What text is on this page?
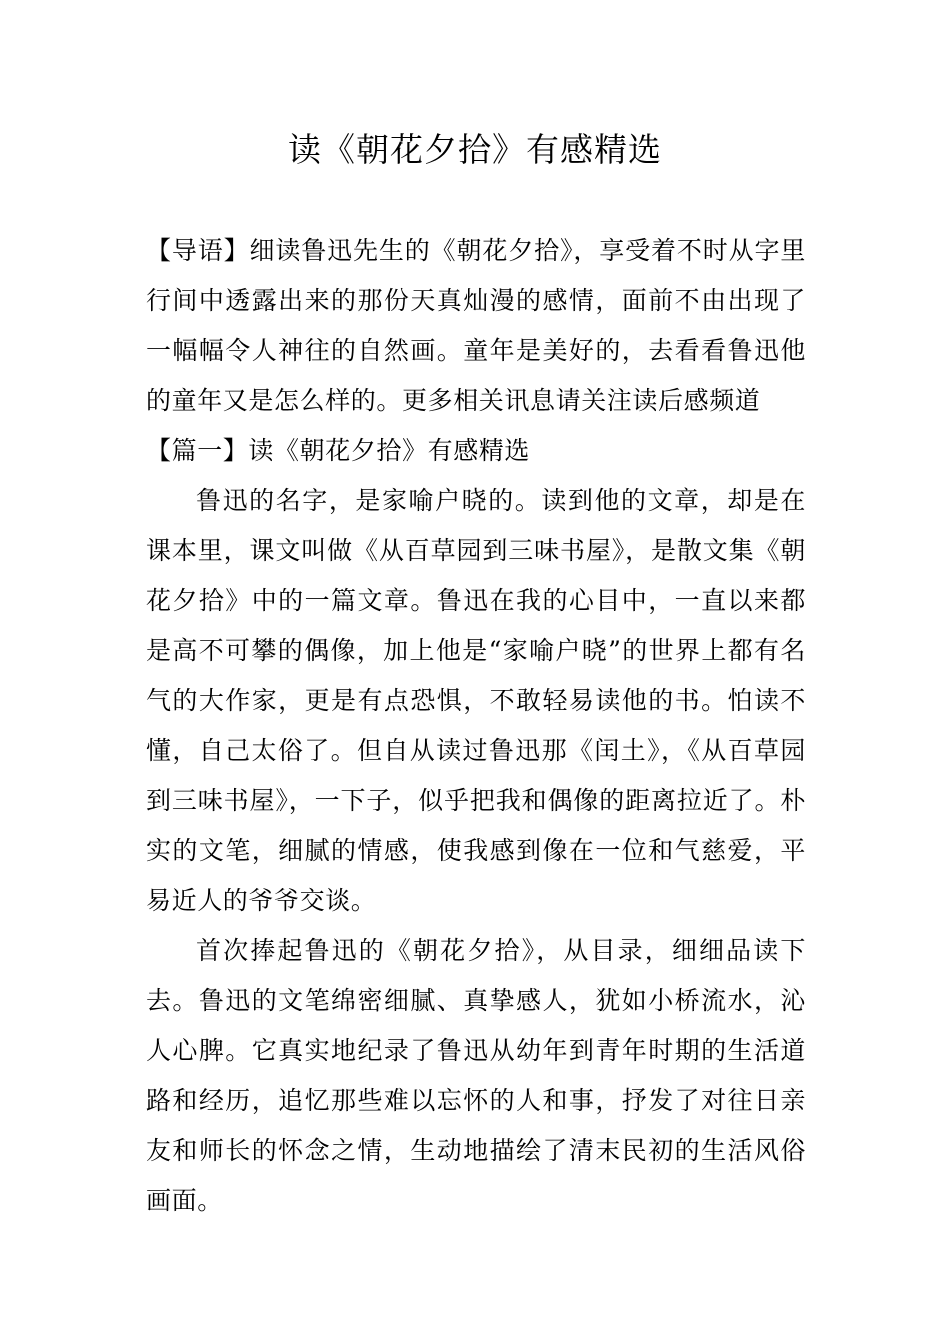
读《朝花夕拾》有感精选

【导语】细读鲁迅先生的《朝花夕拾》，享受着不时从字里行间中透露出来的那份天真灿漫的感情，面前不由出现了一幅幅令人神往的自然画。童年是美好的，去看看鲁迅他的童年又是怎么样的。更多相关讯息请关注读后感频道

【篇一】读《朝花夕拾》有感精选

鲁迅的名字，是家喻户晓的。读到他的文章，却是在课本里，课文叫做《从百草园到三味书屋》，是散文集《朝花夕拾》中的一篇文章。鲁迅在我的心目中，一直以来都是高不可攀的偶像，加上他是“家喻户晓”的世界上都有名气的大作家，更是有点恐惧，不敢轻易读他的书。怕读不懂，自己太俗了。但自从读过鲁迅那《闰土》，《从百草园到三味书屋》，一下子，似乎把我和偶像的距离拉近了。朴实的文笔，细腻的情感，使我感到像在一位和气慈爱，平易近人的爷爷交谈。

首次捧起鲁迅的《朝花夕拾》，从目录，细细品读下去。鲁迅的文笔绵密细腻、真挚感人，犹如小桥流水，沁人心脾。它真实地纪录了鲁迅从幼年到青年时期的生活道路和经历，追忆那些难以忘怀的人和事，抒发了对往日亲友和师长的怀念之情，生动地描绘了清末民初的生活风俗画面。
